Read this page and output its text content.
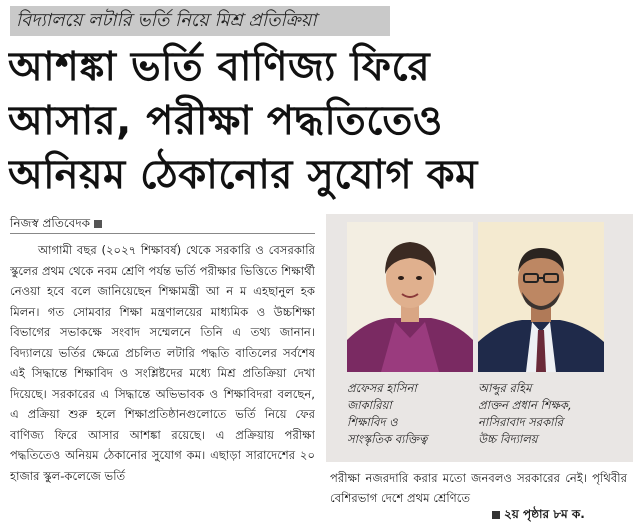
বিদ্যালয়ে লটারি ভর্তি নিয়ে মিশ্র প্রতিক্রিয়া
আশঙ্কা ভর্তি বাণিজ্য ফিরে
আসার, পরীক্ষা পদ্ধতিতেও
অনিয়ম ঠেকানোর সুযোগ কম
নিজস্ব প্রতিবেদক

আগামী বছর (২০২৭ শিক্ষাবর্ষ) থেকে সরকারি ও বেসরকারি স্কুলের প্রথম থেকে নবম শ্রেণি পর্যন্ত ভর্তি পরীক্ষার ভিত্তিতে শিক্ষার্থী নেওয়া হবে বলে জানিয়েছেন শিক্ষামন্ত্রী আ ন ম এহছানুল হক মিলন। গত সোমবার শিক্ষা মন্ত্রণালয়ের মাধ্যমিক ও উচ্চশিক্ষা বিভাগের সভাকক্ষে সংবাদ সম্মেলনে তিনি এ তথ্য জানান। বিদ্যালয়ে ভর্তির ক্ষেত্রে প্রচলিত লটারি পদ্ধতি বাতিলের সর্বশেষ এই সিদ্ধান্তে শিক্ষাবিদ ও সংশ্লিষ্টদের মধ্যে মিশ্র প্রতিক্রিয়া দেখা দিয়েছে। সরকারের এ সিদ্ধান্তে অভিভাবক ও শিক্ষাবিদরা বলছেন, এ প্রক্রিয়া শুরু হলে শিক্ষাপ্রতিষ্ঠানগুলোতে ভর্তি নিয়ে ফের বাণিজ্য ফিরে আসার আশঙ্কা রয়েছে। এ প্রক্রিয়ায় পরীক্ষা পদ্ধতিতেও অনিয়ম ঠেকানোর সুযোগ কম। এছাড়া সারাদেশের ২০ হাজার স্কুল-কলেজে ভর্তি

প্রফেসর হাসিনা
জাকারিয়া
শিক্ষাবিদ ও
সাংস্কৃতিক ব্যক্তিত্ব
আব্দুর রহিম
প্রাক্তন প্রধান শিক্ষক,
নাসিরাবাদ সরকারি
উচ্চ বিদ্যালয়

পরীক্ষা নজরদারি করার মতো জনবলও সরকারের নেই। পৃথিবীর বেশিরভাগ দেশে প্রথম শ্রেণিতে

২য় পৃষ্ঠার ৮ম ক.
